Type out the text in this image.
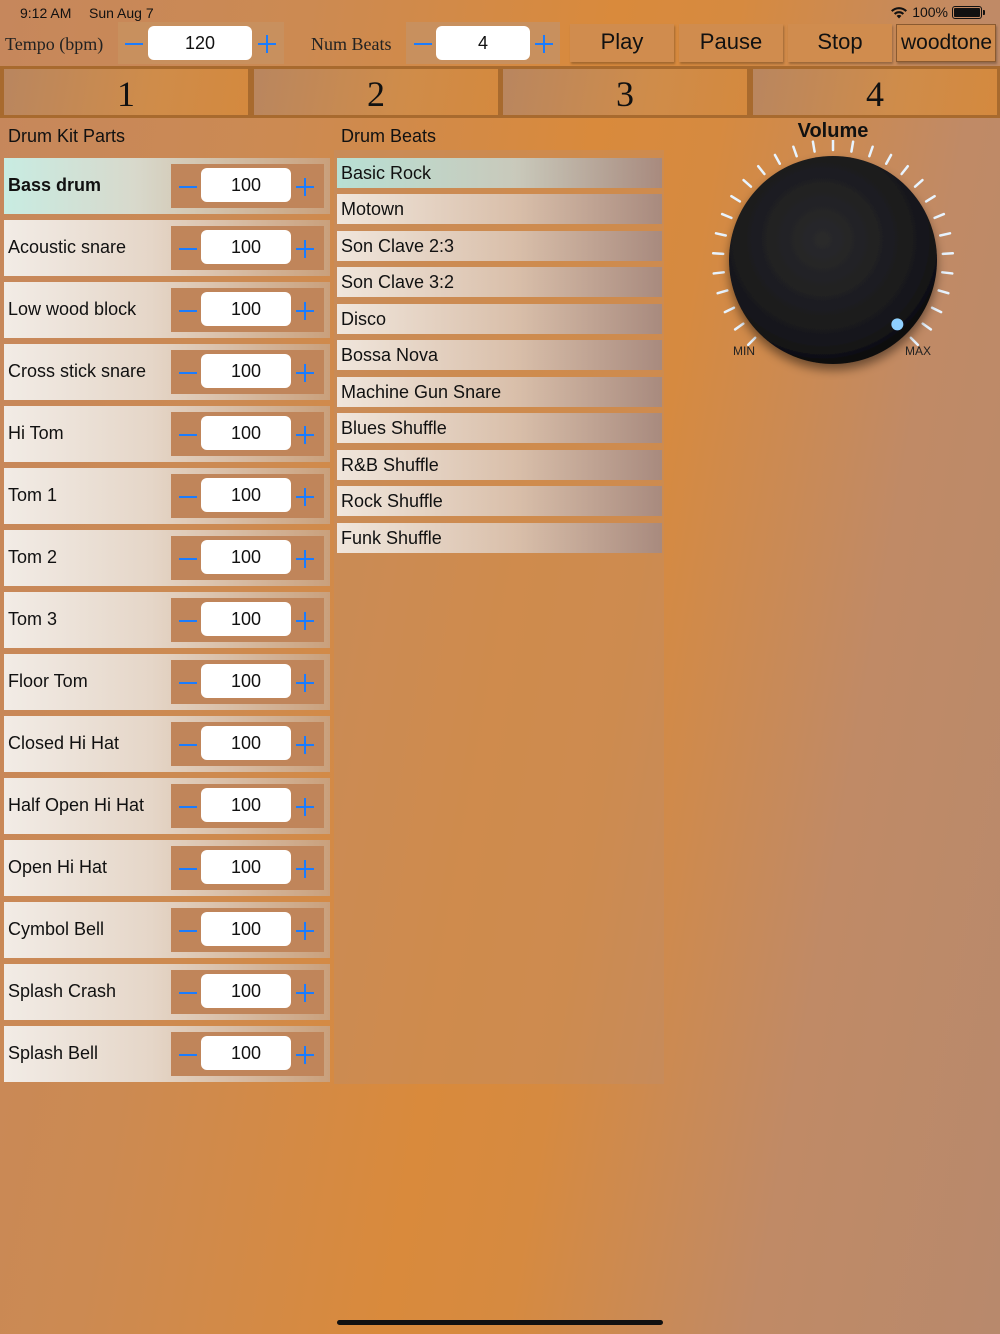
9:12 AM Sun Aug 7	100%
Tempo (bpm)	120	Num Beats	4	Play	Pause	Stop	woodtone
1	2	3	4
Drum Kit Parts	Drum Beats
Bass drum	100
Acoustic snare	100
Low wood block	100
Cross stick snare	100
Hi Tom	100
Tom 1	100
Tom 2	100
Tom 3	100
Floor Tom	100
Closed Hi Hat	100
Half Open Hi Hat	100
Open Hi Hat	100
Cymbol Bell	100
Splash Crash	100
Splash Bell	100
Basic Rock
Motown
Son Clave 2:3
Son Clave 3:2
Disco
Bossa Nova
Machine Gun Snare
Blues Shuffle
R&B Shuffle
Rock Shuffle
Funk Shuffle
Volume
MIN	MAX
